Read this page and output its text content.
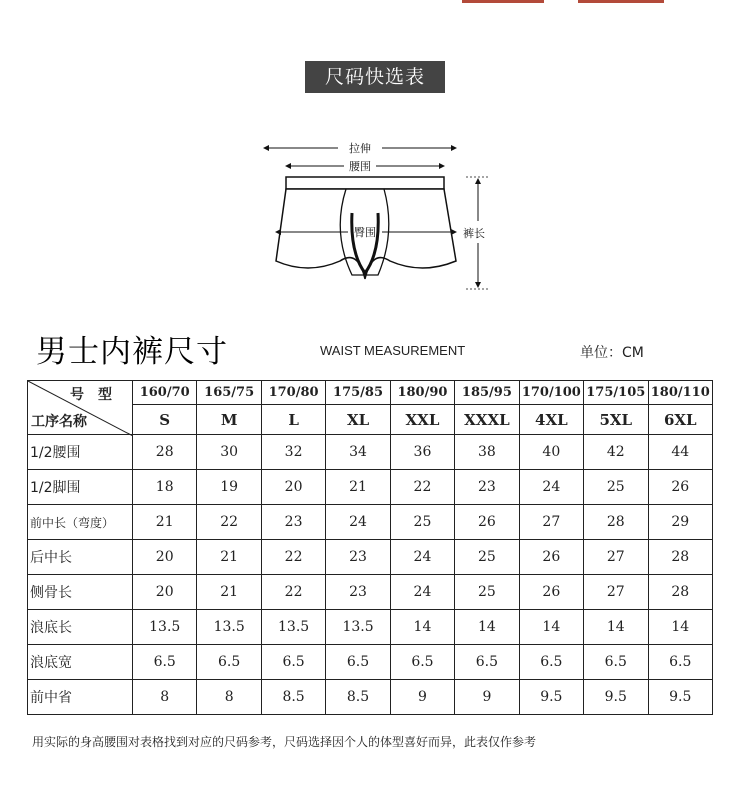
尺码快选表
拉伸
腰围
臀围	裤长
男士内裤尺寸	WAIST MEASUREMENT	单位：CM
号型
工序名称	160/70	165/75	170/80	175/85	180/90	185/95	170/100	175/105	180/110
	S	M	L	XL	XXL	XXXL	4XL	5XL	6XL
1/2腰围	28	30	32	34	36	38	40	42	44
1/2脚围	18	19	20	21	22	23	24	25	26
前中长（弯度）	21	22	23	24	25	26	27	28	29
后中长	20	21	22	23	24	25	26	27	28
侧骨长	20	21	22	23	24	25	26	27	28
浪底长	13.5	13.5	13.5	13.5	14	14	14	14	14
浪底宽	6.5	6.5	6.5	6.5	6.5	6.5	6.5	6.5	6.5
前中省	8	8	8.5	8.5	9	9	9.5	9.5	9.5
用实际的身高腰围对表格找到对应的尺码参考，尺码选择因个人的体型喜好而异，此表仅作参考
